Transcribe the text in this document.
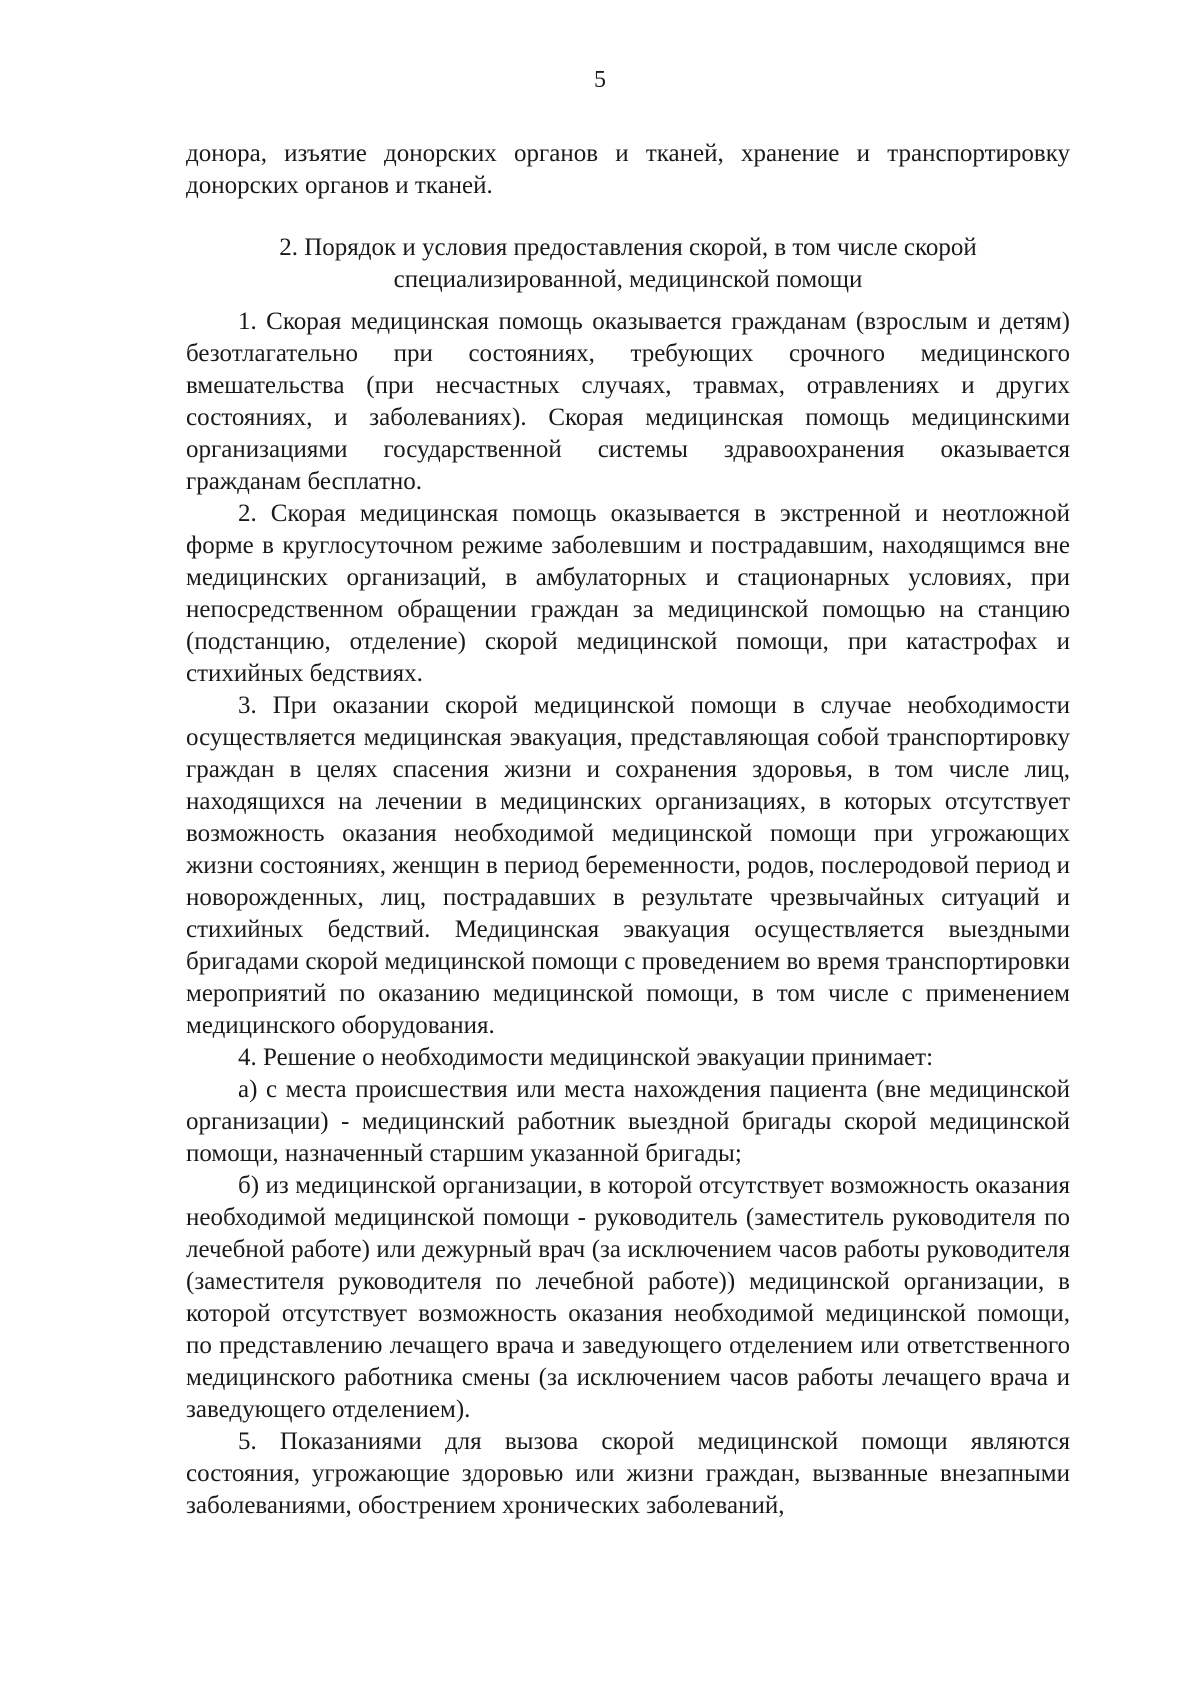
5

донора, изъятие донорских органов и тканей, хранение и транспортировку донорских органов и тканей.

2. Порядок и условия предоставления скорой, в том числе скорой специализированной, медицинской помощи

1. Скорая медицинская помощь оказывается гражданам (взрослым и детям) безотлагательно при состояниях, требующих срочного медицинского вмешательства (при несчастных случаях, травмах, отравлениях и других состояниях, и заболеваниях). Скорая медицинская помощь медицинскими организациями государственной системы здравоохранения оказывается гражданам бесплатно.

2. Скорая медицинская помощь оказывается в экстренной и неотложной форме в круглосуточном режиме заболевшим и пострадавшим, находящимся вне медицинских организаций, в амбулаторных и стационарных условиях, при непосредственном обращении граждан за медицинской помощью на станцию (подстанцию, отделение) скорой медицинской помощи, при катастрофах и стихийных бедствиях.

3. При оказании скорой медицинской помощи в случае необходимости осуществляется медицинская эвакуация, представляющая собой транспортировку граждан в целях спасения жизни и сохранения здоровья, в том числе лиц, находящихся на лечении в медицинских организациях, в которых отсутствует возможность оказания необходимой медицинской помощи при угрожающих жизни состояниях, женщин в период беременности, родов, послеродовой период и новорожденных, лиц, пострадавших в результате чрезвычайных ситуаций и стихийных бедствий. Медицинская эвакуация осуществляется выездными бригадами скорой медицинской помощи с проведением во время транспортировки мероприятий по оказанию медицинской помощи, в том числе с применением медицинского оборудования.

4. Решение о необходимости медицинской эвакуации принимает:

а) с места происшествия или места нахождения пациента (вне медицинской организации) - медицинский работник выездной бригады скорой медицинской помощи, назначенный старшим указанной бригады;

б) из медицинской организации, в которой отсутствует возможность оказания необходимой медицинской помощи - руководитель (заместитель руководителя по лечебной работе) или дежурный врач (за исключением часов работы руководителя (заместителя руководителя по лечебной работе)) медицинской организации, в которой отсутствует возможность оказания необходимой медицинской помощи, по представлению лечащего врача и заведующего отделением или ответственного медицинского работника смены (за исключением часов работы лечащего врача и заведующего отделением).

5. Показаниями для вызова скорой медицинской помощи являются состояния, угрожающие здоровью или жизни граждан, вызванные внезапными заболеваниями, обострением хронических заболеваний,
